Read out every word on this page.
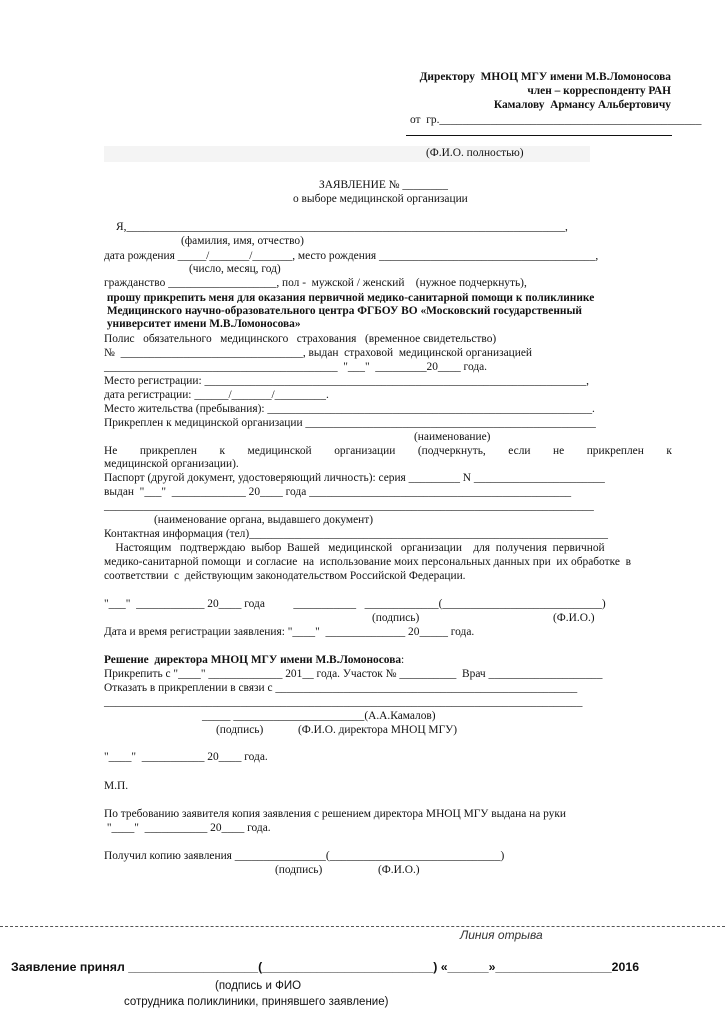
Директору  МНОЦ МГУ имени М.В.Ломоносова
член – корреспонденту РАН
Камалову  Армансу Альбертовичу
от  гр.______________________________________________
(Ф.И.О. полностью)
ЗАЯВЛЕНИЕ № ________
о выборе медицинской организации
Я,_____________________________________________________________________________,
(фамилия, имя, отчество)
дата рождения _____/_______/_______, место рождения ______________________________________,
(число, месяц, год)
гражданство ___________________, пол -  мужской / женский    (нужное подчеркнуть),
прошу прикрепить меня для оказания первичной медико-санитарной помощи к поликлинике
Медицинского научно-образовательного центра ФГБОУ ВО «Московский государственный
университет имени М.В.Ломоносова»
Полис   обязательного   медицинского   страхования   (временное свидетельство)
№  ________________________________, выдан  страховой  медицинской организацией
_________________________________________  "___"  _________20____ года.
Место регистрации: ___________________________________________________________________,
дата регистрации: ______/_______/_________.
Место жительства (пребывания): _________________________________________________________.
Прикреплен к медицинской организации ___________________________________________________
(наименование)
Не прикреплен к медицинской организации (подчеркнуть, если не прикреплен к
медицинской организации).
Паспорт (другой документ, удостоверяющий личность): серия _________ N _______________________
выдан  "___"  _____________ 20____ года ______________________________________________
______________________________________________________________________________________
(наименование органа, выдавшего документ)
Контактная информация (тел)_______________________________________________________________
Настоящим   подтверждаю  выбор  Вашей   медицинской   организации    для  получения  первичной
медико-санитарной помощи  и согласие  на  использование моих персональных данных при  их обработке  в
соответствии  с  действующим законодательством Российской Федерации.
"___"  ____________ 20____ года          ___________   _____________(____________________________)
(подпись)	(Ф.И.О.)
Дата и время регистрации заявления: "____"  ______________ 20_____ года.
Решение  директора МНОЦ МГУ имени М.В.Ломоносова:
Прикрепить с "____" _____________ 201__ года. Участок № __________  Врач ____________________
Отказать в прикреплении в связи с _____________________________________________________
____________________________________________________________________________________
_____ _______________________(А.А.Камалов)
(подпись)	(Ф.И.О. директора МНОЦ МГУ)
"____"  ___________ 20____ года.
М.П.
По требованию заявителя копия заявления с решением директора МНОЦ МГУ выдана на руки
"____"  ___________ 20____ года.
Получил копию заявления ________________(______________________________)
(подпись)	(Ф.И.О.)
Линия отрыва
Заявление принял ___________________(_________________________) «______»_________________2016
(подпись и ФИО
сотрудника поликлиники, принявшего заявление)
